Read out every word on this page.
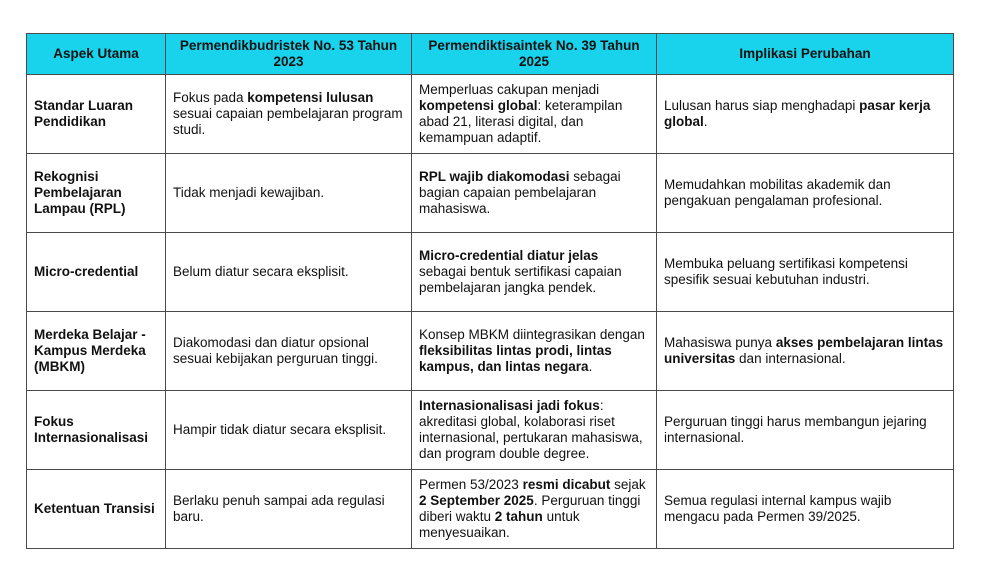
Aspek Utama	Permendikbudristek No. 53 Tahun 2023	Permendiktisaintek No. 39 Tahun 2025	Implikasi Perubahan
Standar Luaran Pendidikan	Fokus pada kompetensi lulusan sesuai capaian pembelajaran program studi.	Memperluas cakupan menjadi kompetensi global: keterampilan abad 21, literasi digital, dan kemampuan adaptif.	Lulusan harus siap menghadapi pasar kerja global.
Rekognisi Pembelajaran Lampau (RPL)	Tidak menjadi kewajiban.	RPL wajib diakomodasi sebagai bagian capaian pembelajaran mahasiswa.	Memudahkan mobilitas akademik dan pengakuan pengalaman profesional.
Micro-credential	Belum diatur secara eksplisit.	Micro-credential diatur jelas sebagai bentuk sertifikasi capaian pembelajaran jangka pendek.	Membuka peluang sertifikasi kompetensi spesifik sesuai kebutuhan industri.
Merdeka Belajar - Kampus Merdeka (MBKM)	Diakomodasi dan diatur opsional sesuai kebijakan perguruan tinggi.	Konsep MBKM diintegrasikan dengan fleksibilitas lintas prodi, lintas kampus, dan lintas negara.	Mahasiswa punya akses pembelajaran lintas universitas dan internasional.
Fokus Internasionalisasi	Hampir tidak diatur secara eksplisit.	Internasionalisasi jadi fokus: akreditasi global, kolaborasi riset internasional, pertukaran mahasiswa, dan program double degree.	Perguruan tinggi harus membangun jejaring internasional.
Ketentuan Transisi	Berlaku penuh sampai ada regulasi baru.	Permen 53/2023 resmi dicabut sejak 2 September 2025. Perguruan tinggi diberi waktu 2 tahun untuk menyesuaikan.	Semua regulasi internal kampus wajib mengacu pada Permen 39/2025.
